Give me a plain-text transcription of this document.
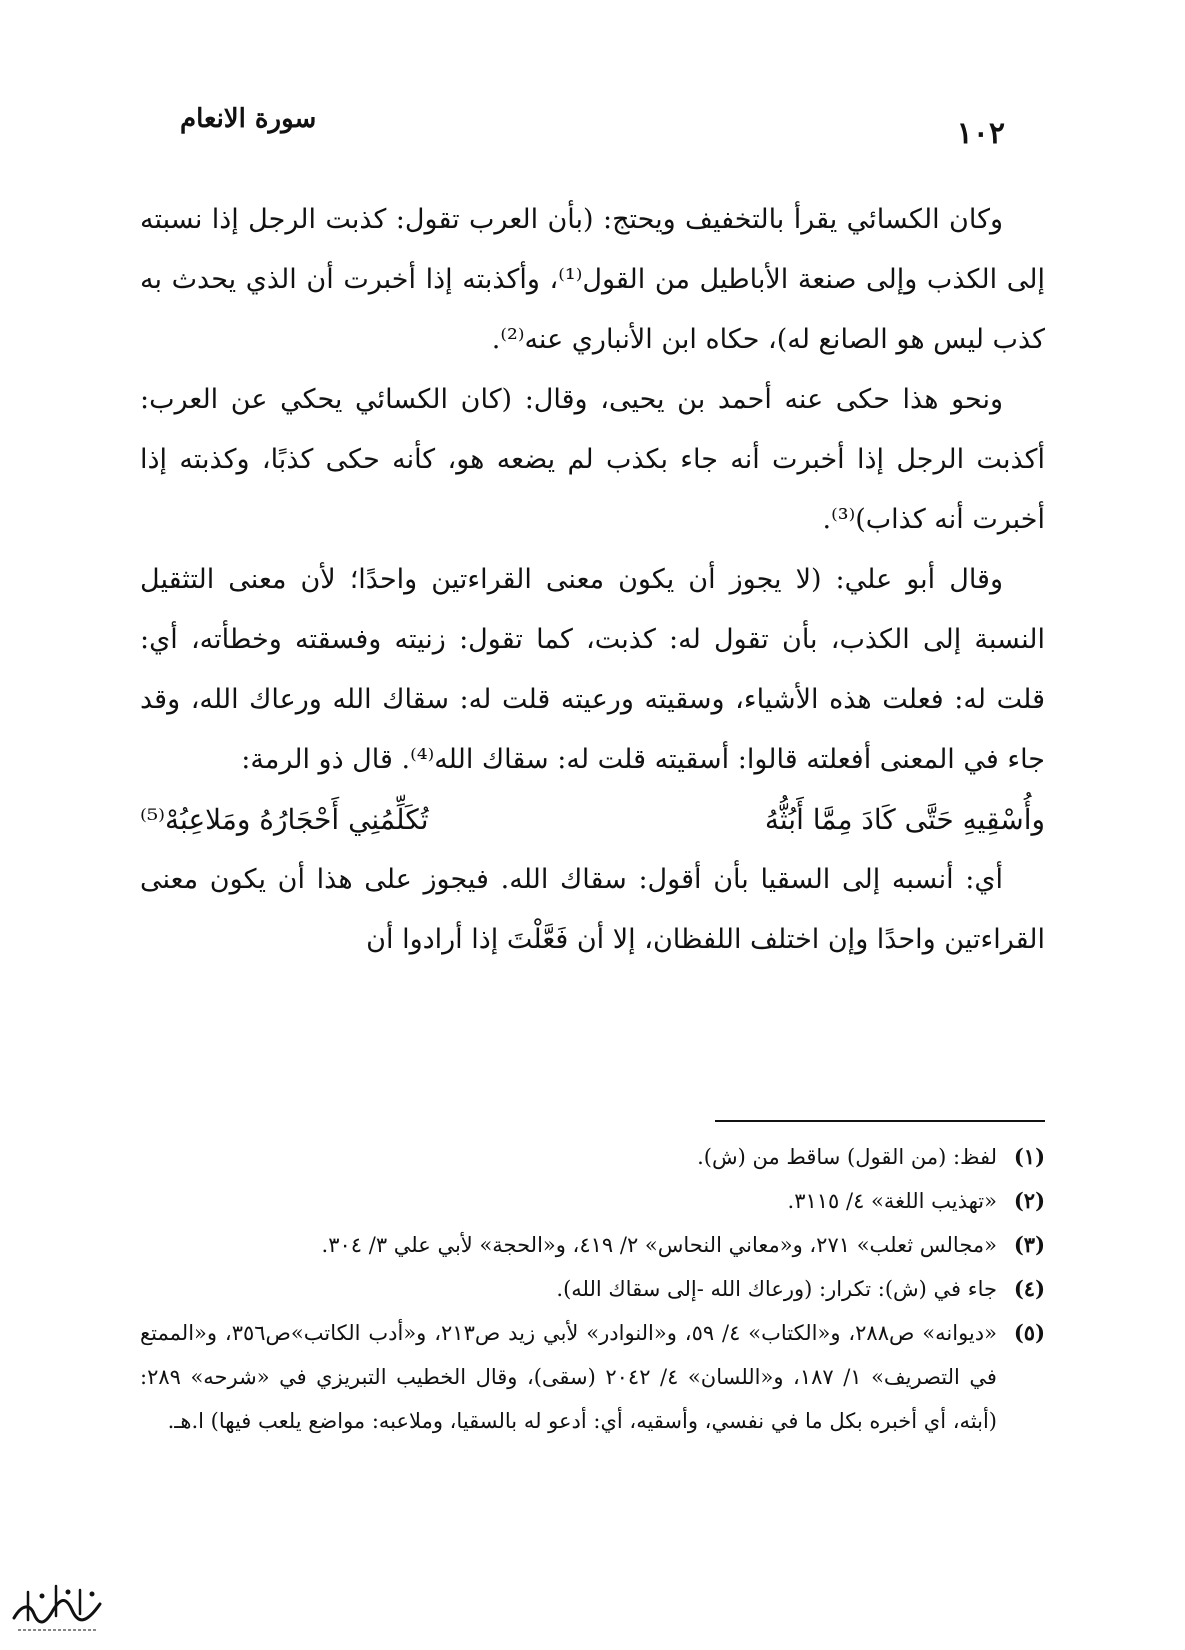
سورة الانعام	١٠٢

وكان الكسائي يقرأ بالتخفيف ويحتج: (بأن العرب تقول: كذبت الرجل إذا نسبته إلى الكذب وإلى صنعة الأباطيل من القول⁽¹⁾، وأكذبته إذا أخبرت أن الذي يحدث به كذب ليس هو الصانع له)، حكاه ابن الأنباري عنه⁽²⁾.

ونحو هذا حكى عنه أحمد بن يحيى، وقال: (كان الكسائي يحكي عن العرب: أكذبت الرجل إذا أخبرت أنه جاء بكذب لم يضعه هو، كأنه حكى كذبًا، وكذبته إذا أخبرت أنه كذاب)⁽³⁾.

وقال أبو علي: (لا يجوز أن يكون معنى القراءتين واحدًا؛ لأن معنى التثقيل النسبة إلى الكذب، بأن تقول له: كذبت، كما تقول: زنيته وفسقته وخطأته، أي: قلت له: فعلت هذه الأشياء، وسقيته ورعيته قلت له: سقاك الله ورعاك الله، وقد جاء في المعنى أفعلته قالوا: أسقيته قلت له: سقاك الله⁽⁴⁾. قال ذو الرمة:

وأُسْقِيهِ حَتَّى كَادَ مِمَّا أَبُثُّهُ
تُكَلِّمُنِي أَحْجَارُهُ ومَلاعِبُهْ⁽⁵⁾

أي: أنسبه إلى السقيا بأن أقول: سقاك الله. فيجوز على هذا أن يكون معنى القراءتين واحدًا وإن اختلف اللفظان، إلا أن فَعَّلْتَ إذا أرادوا أن

(١)
لفظ: (من القول) ساقط من (ش).
(٢)
«تهذيب اللغة» ٤/ ٣١١٥.
(٣)
«مجالس ثعلب» ٢٧١، و«معاني النحاس» ٢/ ٤١٩، و«الحجة» لأبي علي ٣/ ٣٠٤.
(٤)
جاء في (ش): تكرار: (ورعاك الله -إلى سقاك الله).
(٥)
«ديوانه» ص٢٨٨، و«الكتاب» ٤/ ٥٩، و«النوادر» لأبي زيد ص٢١٣، و«أدب الكاتب»ص٣٥٦، و«الممتع في التصريف» ١/ ١٨٧، و«اللسان» ٤/ ٢٠٤٢ (سقى)، وقال الخطيب التبريزي في «شرحه» ٢٨٩: (أبثه، أي أخبره بكل ما في نفسي، وأسقيه، أي: أدعو له بالسقيا، وملاعبه: مواضع يلعب فيها) ا.هـ.
